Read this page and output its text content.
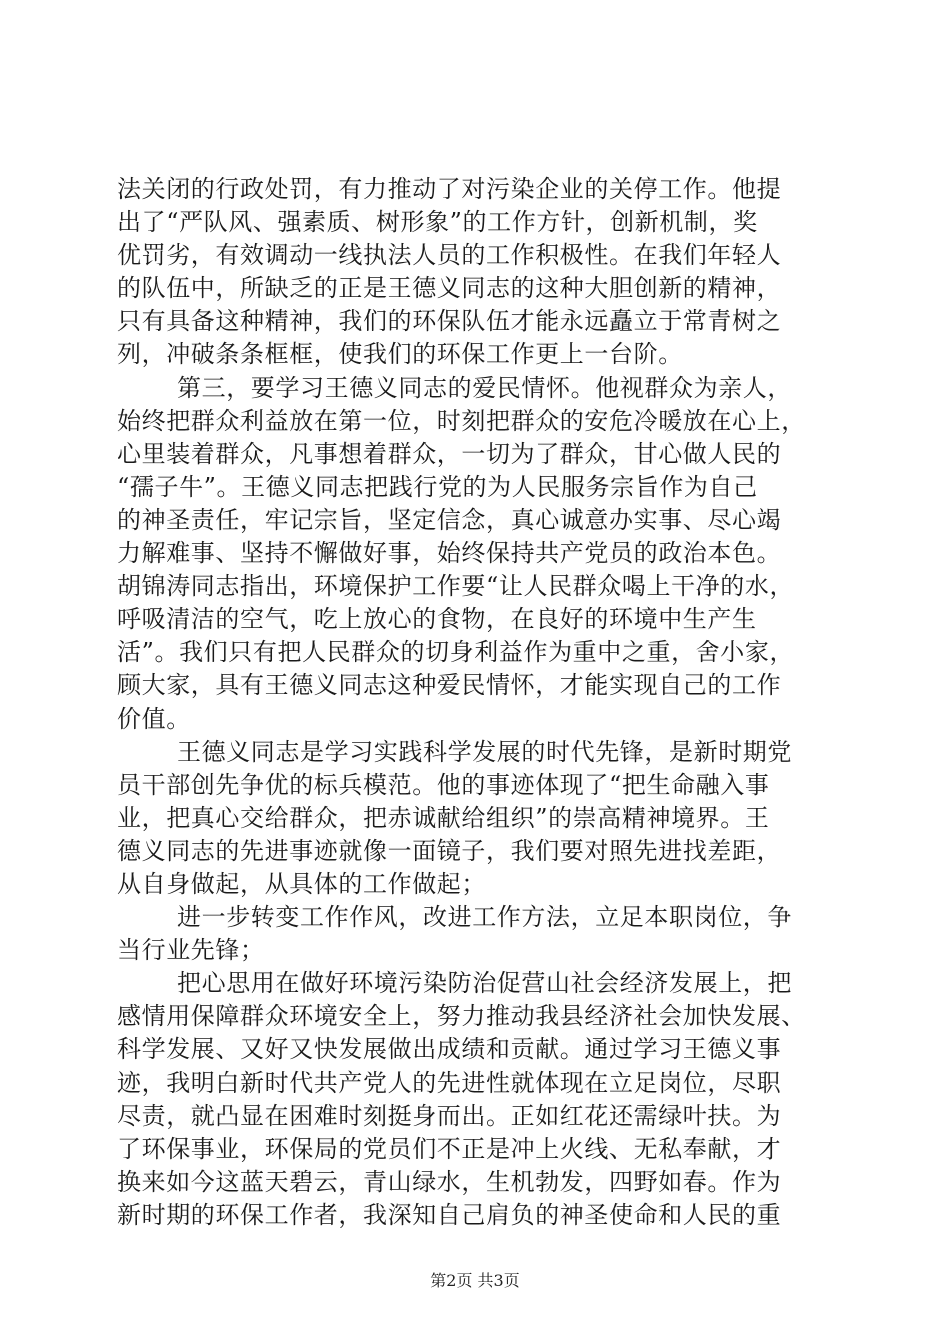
法关闭的行政处罚，有力推动了对污染企业的关停工作。他提
出了“严队风、强素质、树形象”的工作方针，创新机制，奖
优罚劣，有效调动一线执法人员的工作积极性。在我们年轻人
的队伍中，所缺乏的正是王德义同志的这种大胆创新的精神，
只有具备这种精神，我们的环保队伍才能永远矗立于常青树之
列，冲破条条框框，使我们的环保工作更上一台阶。
第三，要学习王德义同志的爱民情怀。他视群众为亲人，
始终把群众利益放在第一位，时刻把群众的安危冷暖放在心上，
心里装着群众，凡事想着群众，一切为了群众，甘心做人民的
“孺子牛”。王德义同志把践行党的为人民服务宗旨作为自己
的神圣责任，牢记宗旨，坚定信念，真心诚意办实事、尽心竭
力解难事、坚持不懈做好事，始终保持共产党员的政治本色。
胡锦涛同志指出，环境保护工作要“让人民群众喝上干净的水，
呼吸清洁的空气，吃上放心的食物，在良好的环境中生产生
活”。我们只有把人民群众的切身利益作为重中之重，舍小家，
顾大家，具有王德义同志这种爱民情怀，才能实现自己的工作
价值。
王德义同志是学习实践科学发展的时代先锋，是新时期党
员干部创先争优的标兵模范。他的事迹体现了“把生命融入事
业，把真心交给群众，把赤诚献给组织”的崇高精神境界。王
德义同志的先进事迹就像一面镜子，我们要对照先进找差距，
从自身做起，从具体的工作做起；
进一步转变工作作风，改进工作方法，立足本职岗位，争
当行业先锋；
把心思用在做好环境污染防治促营山社会经济发展上，把
感情用保障群众环境安全上，努力推动我县经济社会加快发展、
科学发展、又好又快发展做出成绩和贡献。通过学习王德义事
迹，我明白新时代共产党人的先进性就体现在立足岗位，尽职
尽责，就凸显在困难时刻挺身而出。正如红花还需绿叶扶。为
了环保事业，环保局的党员们不正是冲上火线、无私奉献，才
换来如今这蓝天碧云，青山绿水，生机勃发，四野如春。作为
新时期的环保工作者，我深知自己肩负的神圣使命和人民的重
第2页 共3页
